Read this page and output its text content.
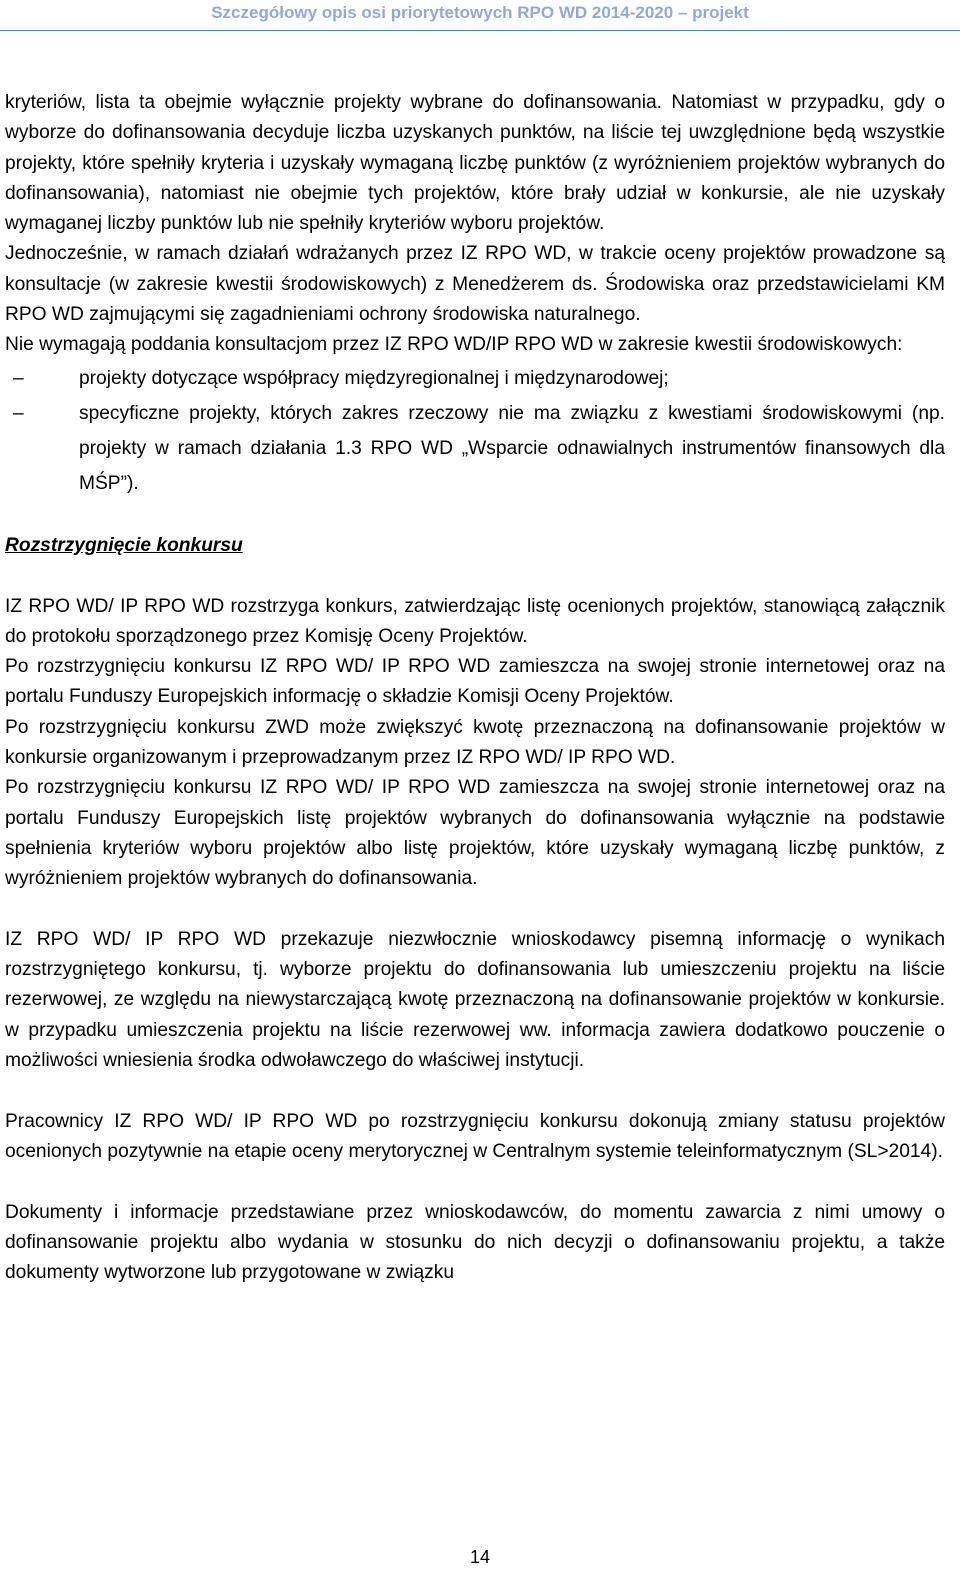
Szczegółowy opis osi priorytetowych RPO WD 2014-2020 – projekt

kryteriów, lista ta obejmie wyłącznie projekty wybrane do dofinansowania. Natomiast w przypadku, gdy o wyborze do dofinansowania decyduje liczba uzyskanych punktów, na liście tej uwzględnione będą wszystkie projekty, które spełniły kryteria i uzyskały wymaganą liczbę punktów (z wyróżnieniem projektów wybranych do dofinansowania), natomiast nie obejmie tych projektów, które brały udział w konkursie, ale nie uzyskały wymaganej liczby punktów lub nie spełniły kryteriów wyboru projektów.

Jednocześnie, w ramach działań wdrażanych przez IZ RPO WD, w trakcie oceny projektów prowadzone są konsultacje (w zakresie kwestii środowiskowych) z Menedżerem ds. Środowiska oraz przedstawicielami KM RPO WD zajmującymi się zagadnieniami ochrony środowiska naturalnego.

Nie wymagają poddania konsultacjom przez IZ RPO WD/IP RPO WD w zakresie kwestii środowiskowych:

–	projekty dotyczące współpracy międzyregionalnej i międzynarodowej;
–	specyficzne projekty, których zakres rzeczowy nie ma związku z kwestiami środowiskowymi (np. projekty w ramach działania 1.3 RPO WD „Wsparcie odnawialnych instrumentów finansowych dla MŚP”).

Rozstrzygnięcie konkursu

IZ RPO WD/ IP RPO WD rozstrzyga konkurs, zatwierdzając listę ocenionych projektów, stanowiącą załącznik do protokołu sporządzonego przez Komisję Oceny Projektów.

Po rozstrzygnięciu konkursu IZ RPO WD/ IP RPO WD zamieszcza na swojej stronie internetowej oraz na portalu Funduszy Europejskich informację o składzie Komisji Oceny Projektów.

Po rozstrzygnięciu konkursu ZWD może zwiększyć kwotę przeznaczoną na dofinansowanie projektów w konkursie organizowanym i przeprowadzanym przez IZ RPO WD/ IP RPO WD.

Po rozstrzygnięciu konkursu IZ RPO WD/ IP RPO WD zamieszcza na swojej stronie internetowej oraz na portalu Funduszy Europejskich listę projektów wybranych do dofinansowania wyłącznie na podstawie spełnienia kryteriów wyboru projektów albo listę projektów, które uzyskały wymaganą liczbę punktów, z wyróżnieniem projektów wybranych do dofinansowania.

IZ RPO WD/ IP RPO WD przekazuje niezwłocznie wnioskodawcy pisemną informację o wynikach rozstrzygniętego konkursu, tj. wyborze projektu do dofinansowania lub umieszczeniu projektu na liście rezerwowej, ze względu na niewystarczającą kwotę przeznaczoną na dofinansowanie projektów w konkursie. w przypadku umieszczenia projektu na liście rezerwowej ww. informacja zawiera dodatkowo pouczenie o możliwości wniesienia środka odwoławczego do właściwej instytucji.

Pracownicy IZ RPO WD/ IP RPO WD po rozstrzygnięciu konkursu dokonują zmiany statusu projektów ocenionych pozytywnie na etapie oceny merytorycznej w Centralnym systemie teleinformatycznym (SL>2014).

Dokumenty i informacje przedstawiane przez wnioskodawców, do momentu zawarcia z nimi umowy o dofinansowanie projektu albo wydania w stosunku do nich decyzji o dofinansowaniu projektu, a także dokumenty wytworzone lub przygotowane w związku

14
